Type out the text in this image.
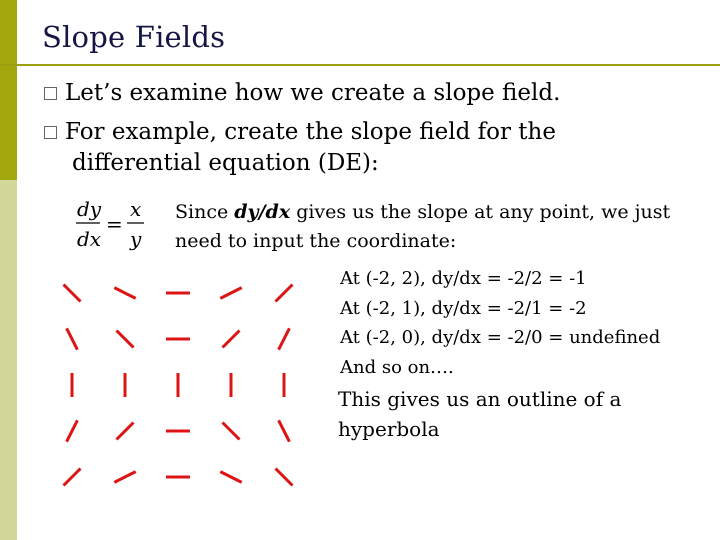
Slope Fields
Let’s examine how we create a slope field.
For example, create the slope field for the
differential equation (DE):
dy
dx
=
x
y
Since dy/dx gives us the slope at any point, we just need to input the coordinate:
At (-2, 2), dy/dx = -2/2 = -1
At (-2, 1), dy/dx = -2/1 = -2
At (-2, 0), dy/dx = -2/0 = undefined
And so on….
This gives us an outline of a hyperbola
